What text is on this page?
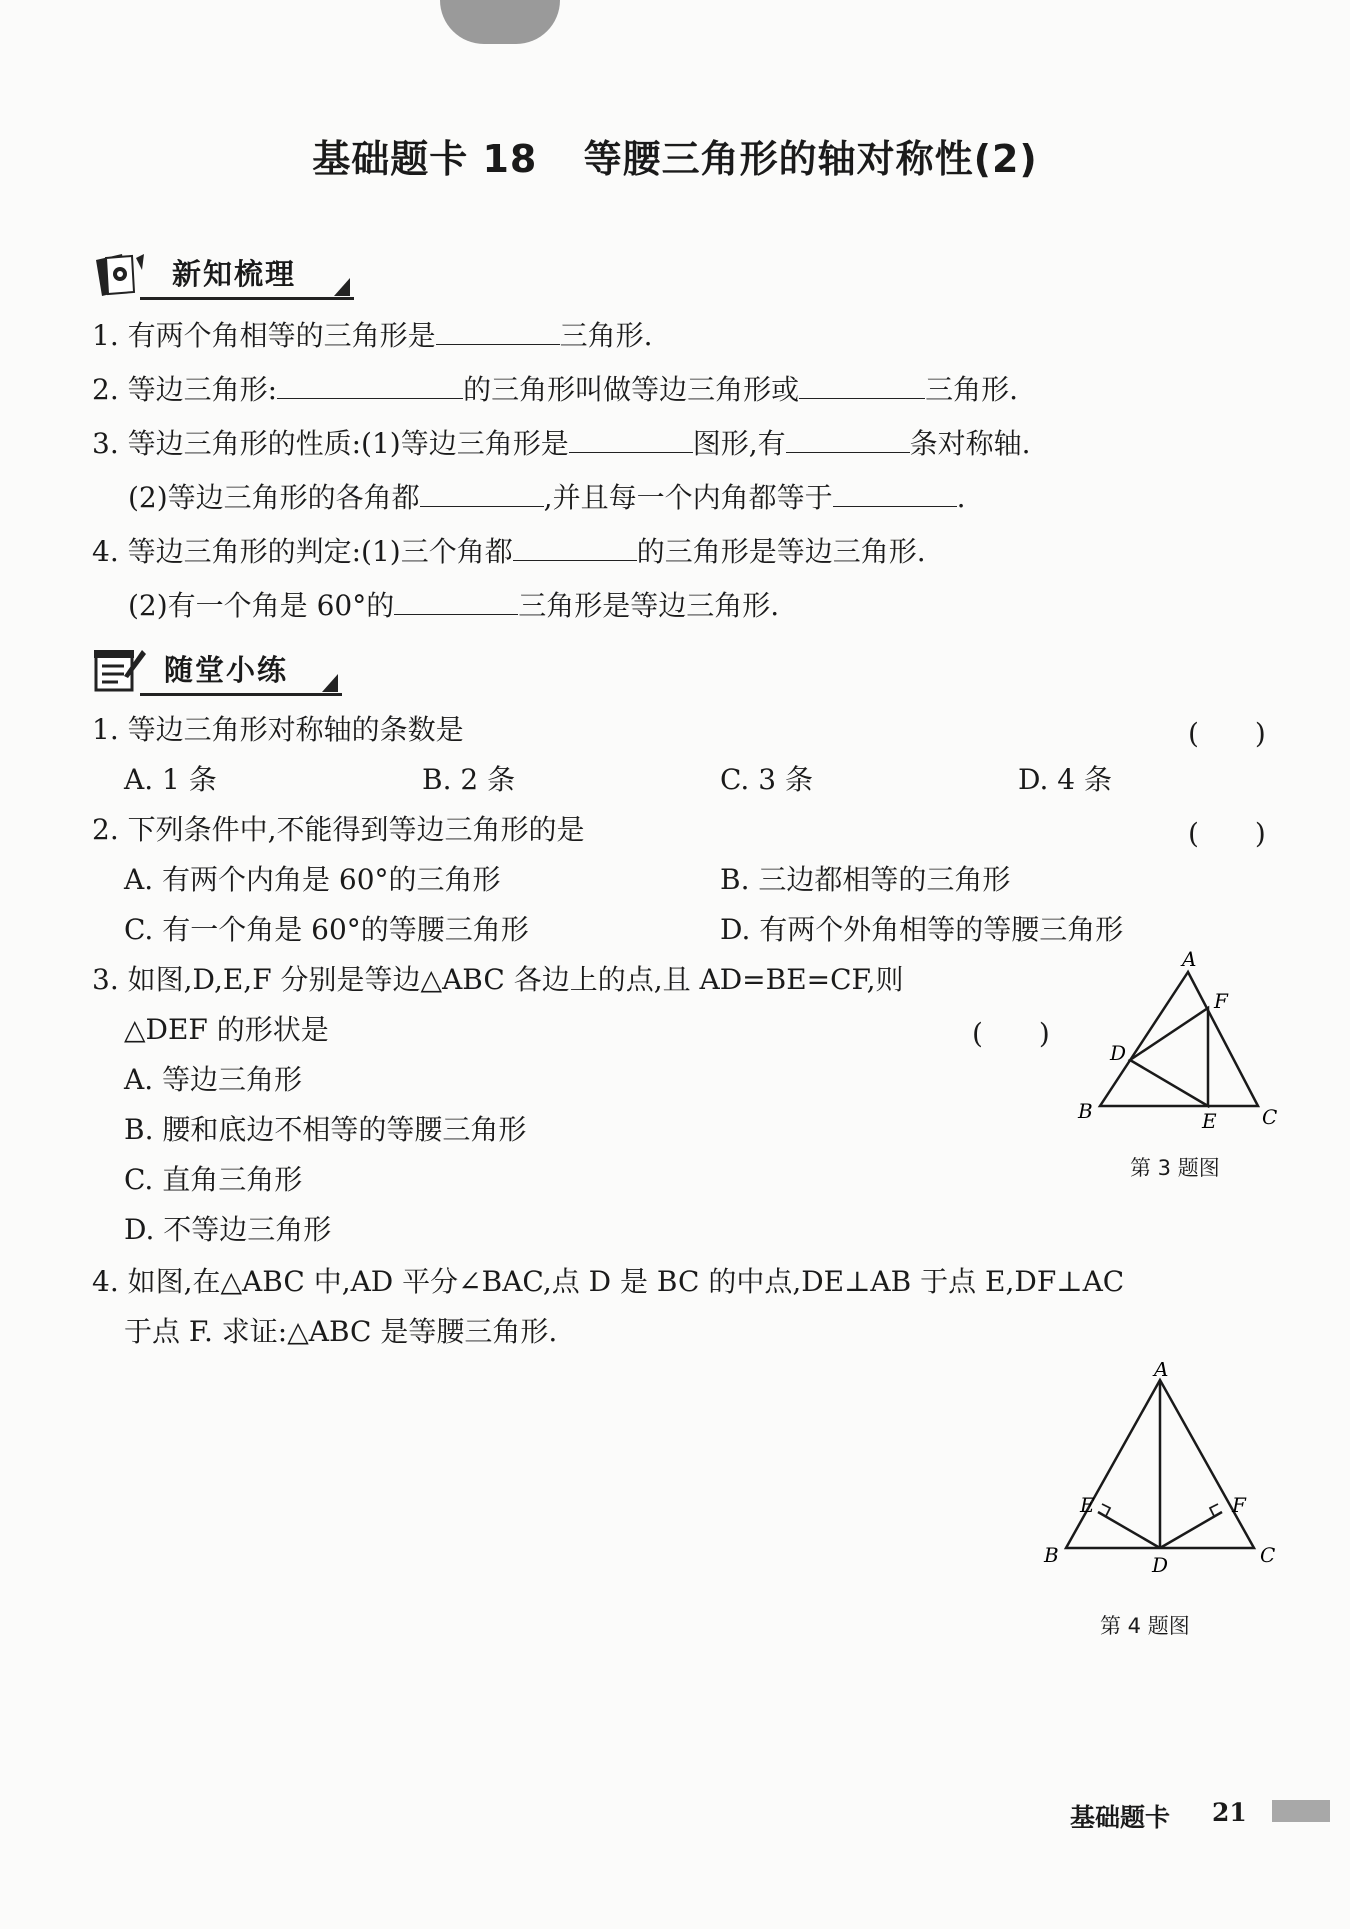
基础题卡 18 等腰三角形的轴对称性(2)
新知梳理
1. 有两个角相等的三角形是	三角形.
2. 等边三角形:	的三角形叫做等边三角形或	三角形.
3. 等边三角形的性质:(1)等边三角形是	图形,有	条对称轴.
(2)等边三角形的各角都	,并且每一个内角都等于	.
4. 等边三角形的判定:(1)三个角都	的三角形是等边三角形.
(2)有一个角是 60°的	三角形是等边三角形.
随堂小练
1. 等边三角形对称轴的条数是	(　　)
A. 1 条	B. 2 条	C. 3 条	D. 4 条
2. 下列条件中,不能得到等边三角形的是	(　　)
A. 有两个内角是 60°的三角形	B. 三边都相等的三角形
C. 有一个角是 60°的等腰三角形	D. 有两个外角相等的等腰三角形
3. 如图,D,E,F 分别是等边△ABC 各边上的点,且 AD=BE=CF,则
△DEF 的形状是	(　　)
A. 等边三角形
B. 腰和底边不相等的等腰三角形
C. 直角三角形
D. 不等边三角形
A
B	C
D
E
F
第 3 题图
4. 如图,在△ABC 中,AD 平分∠BAC,点 D 是 BC 的中点,DE⊥AB 于点 E,DF⊥AC
于点 F. 求证:△ABC 是等腰三角形.
A
B	C
D
E	F
第 4 题图
基础题卡 21
